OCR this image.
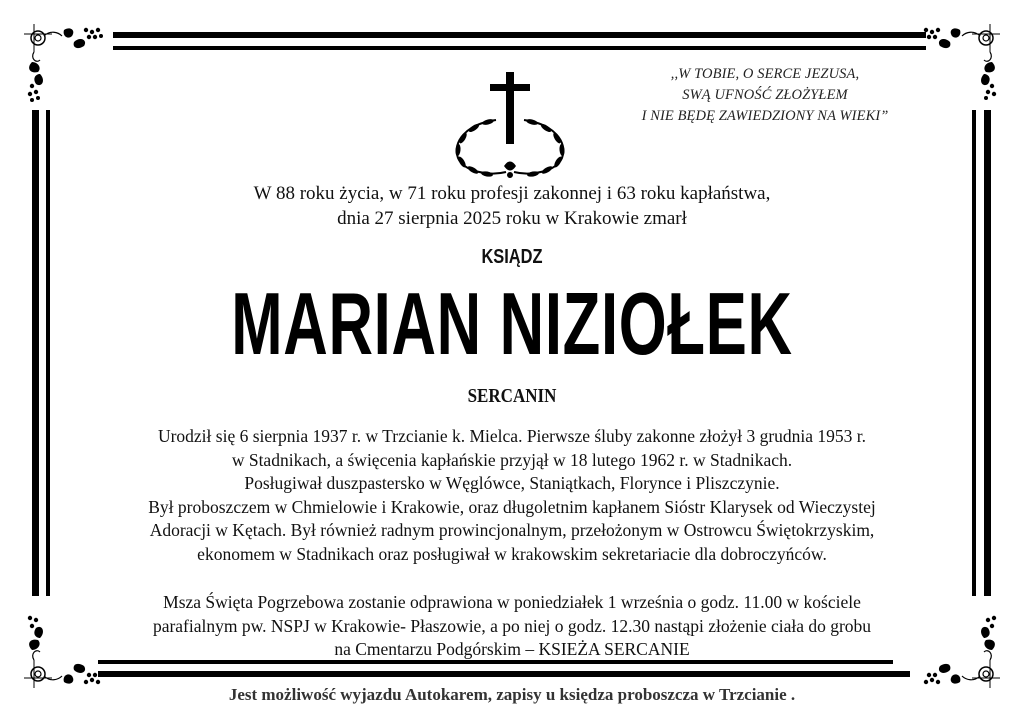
,,W TOBIE, O SERCE JEZUSA,
SWĄ UFNOŚĆ ZŁOŻYŁEM
I NIE BĘDĘ ZAWIEDZIONY NA WIEKI”
W 88 roku życia, w 71 roku profesji zakonnej i 63 roku kapłaństwa,
dnia 27 sierpnia 2025 roku w Krakowie zmarł
KSIĄDZ
MARIAN NIZIOŁEK
SERCANIN
Urodził się 6 sierpnia 1937 r. w Trzcianie k. Mielca. Pierwsze śluby zakonne złożył 3 grudnia 1953 r.
w Stadnikach, a święcenia kapłańskie przyjął w 18 lutego 1962 r. w Stadnikach.
Posługiwał duszpastersko w Węglówce, Staniątkach, Florynce i Pliszczynie.
Był proboszczem w Chmielowie i Krakowie, oraz długoletnim kapłanem Sióstr Klarysek od Wieczystej
Adoracji w Kętach. Był również radnym prowincjonalnym, przełożonym w Ostrowcu Świętokrzyskim,
ekonomem w Stadnikach oraz posługiwał w krakowskim sekretariacie dla dobroczyńców.
Msza Święta Pogrzebowa zostanie odprawiona w poniedziałek 1 września o godz. 11.00 w kościele
parafialnym pw. NSPJ w Krakowie- Płaszowie, a po niej o godz. 12.30 nastąpi złożenie ciała do grobu
na Cmentarzu Podgórskim – KSIEŻA SERCANIE
Jest możliwość wyjazdu Autokarem, zapisy u księdza proboszcza w Trzcianie .
